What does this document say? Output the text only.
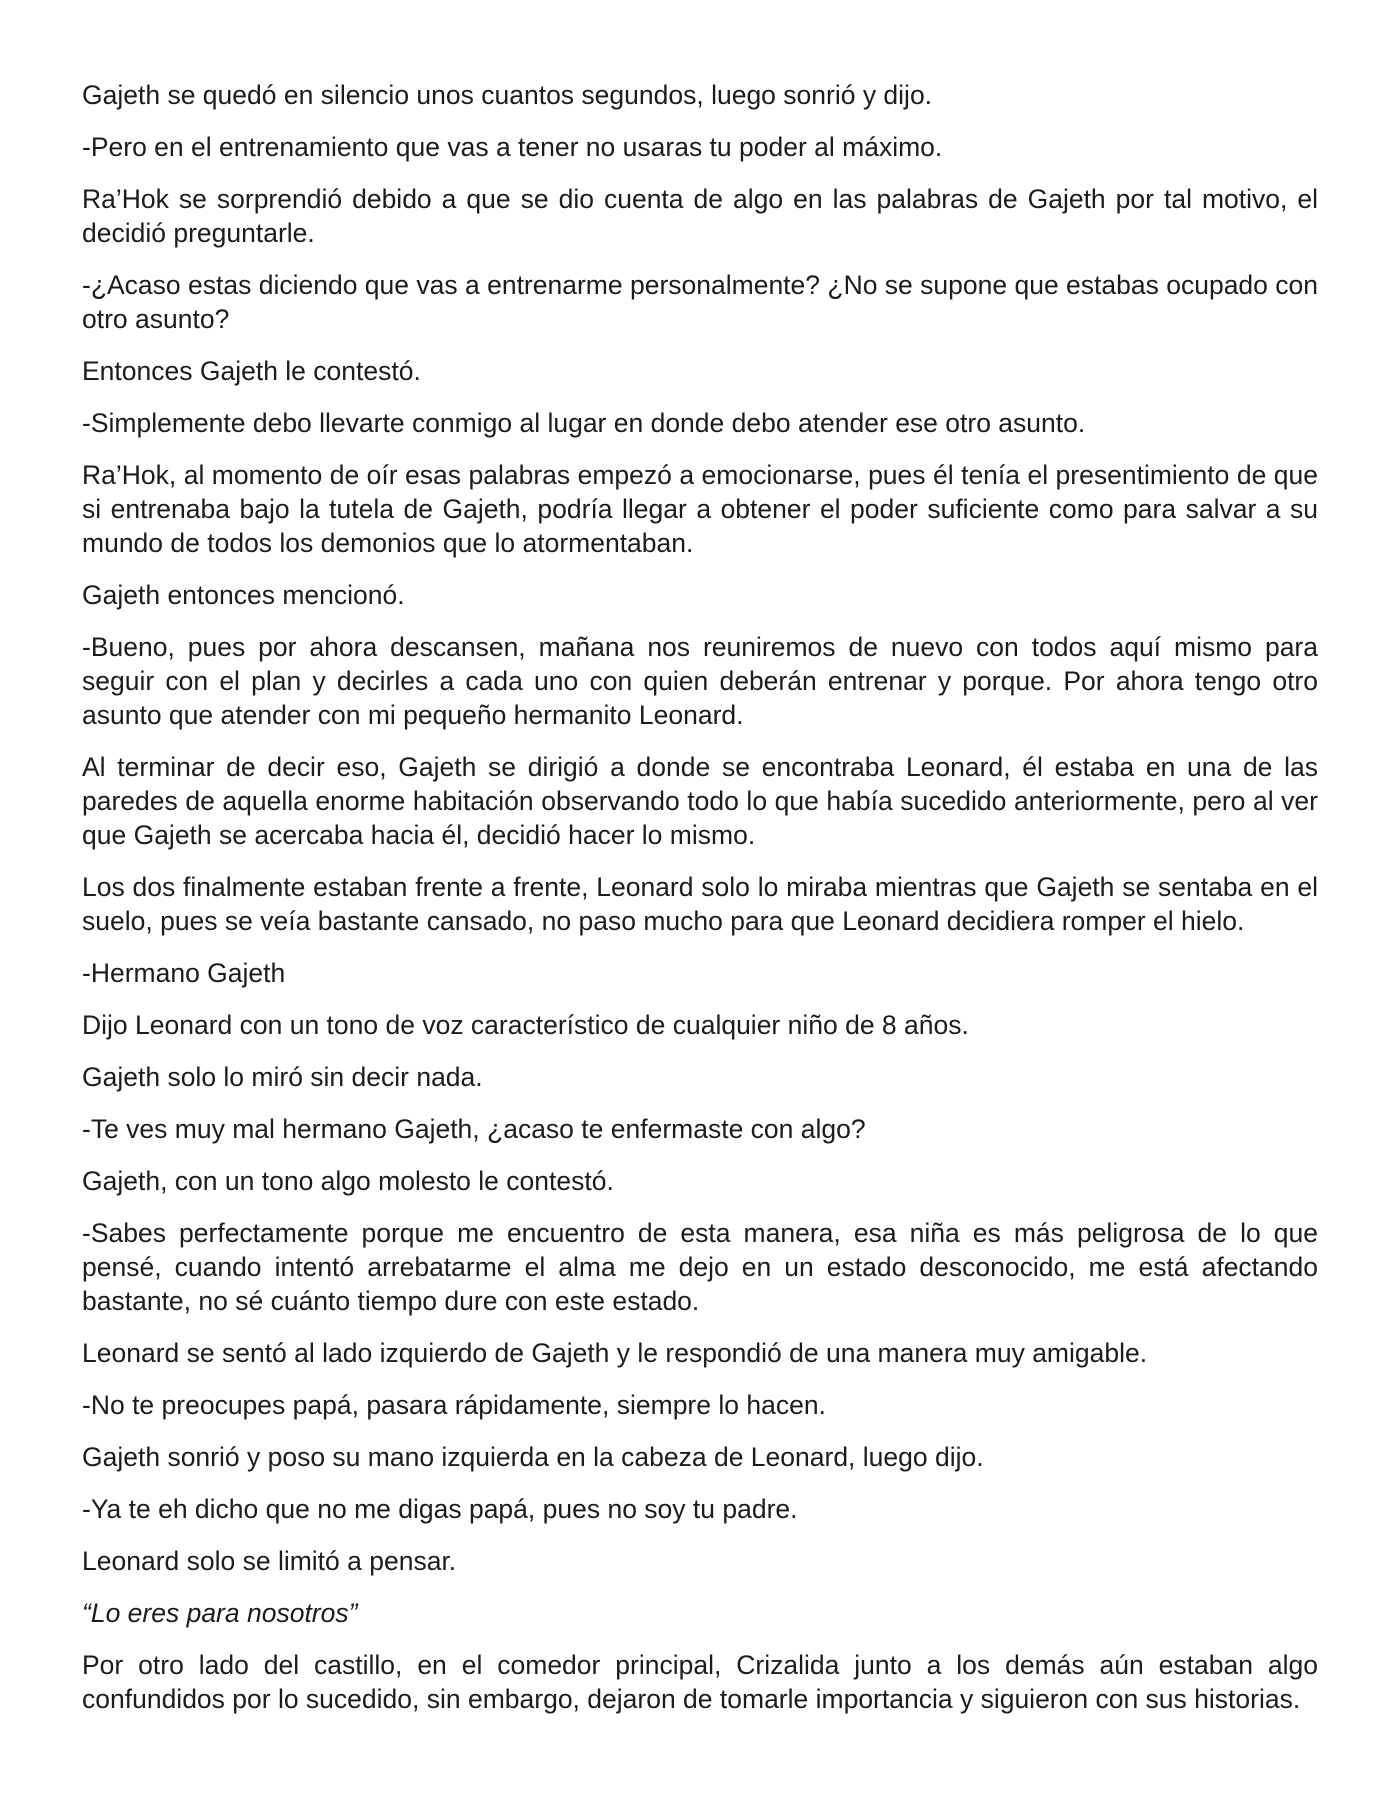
Gajeth se quedó en silencio unos cuantos segundos, luego sonrió y dijo.

-Pero en el entrenamiento que vas a tener no usaras tu poder al máximo.

Ra’Hok se sorprendió debido a que se dio cuenta de algo en las palabras de Gajeth por tal motivo, el decidió preguntarle.

-¿Acaso estas diciendo que vas a entrenarme personalmente? ¿No se supone que estabas ocupado con otro asunto?

Entonces Gajeth le contestó.

-Simplemente debo llevarte conmigo al lugar en donde debo atender ese otro asunto.

Ra’Hok, al momento de oír esas palabras empezó a emocionarse, pues él tenía el presentimiento de que si entrenaba bajo la tutela de Gajeth, podría llegar a obtener el poder suficiente como para salvar a su mundo de todos los demonios que lo atormentaban.

Gajeth entonces mencionó.

-Bueno, pues por ahora descansen, mañana nos reuniremos de nuevo con todos aquí mismo para seguir con el plan y decirles a cada uno con quien deberán entrenar y porque. Por ahora tengo otro asunto que atender con mi pequeño hermanito Leonard.

Al terminar de decir eso, Gajeth se dirigió a donde se encontraba Leonard, él estaba en una de las paredes de aquella enorme habitación observando todo lo que había sucedido anteriormente, pero al ver que Gajeth se acercaba hacia él, decidió hacer lo mismo.

Los dos finalmente estaban frente a frente, Leonard solo lo miraba mientras que Gajeth se sentaba en el suelo, pues se veía bastante cansado, no paso mucho para que Leonard decidiera romper el hielo.

-Hermano Gajeth

Dijo Leonard con un tono de voz característico de cualquier niño de 8 años.

Gajeth solo lo miró sin decir nada.

-Te ves muy mal hermano Gajeth, ¿acaso te enfermaste con algo?

Gajeth, con un tono algo molesto le contestó.

-Sabes perfectamente porque me encuentro de esta manera, esa niña es más peligrosa de lo que pensé, cuando intentó arrebatarme el alma me dejo en un estado desconocido, me está afectando bastante, no sé cuánto tiempo dure con este estado.

Leonard se sentó al lado izquierdo de Gajeth y le respondió de una manera muy amigable.

-No te preocupes papá, pasara rápidamente, siempre lo hacen.

Gajeth sonrió y poso su mano izquierda en la cabeza de Leonard, luego dijo.

-Ya te eh dicho que no me digas papá, pues no soy tu padre.

Leonard solo se limitó a pensar.

“Lo eres para nosotros”

Por otro lado del castillo, en el comedor principal, Crizalida junto a los demás aún estaban algo confundidos por lo sucedido, sin embargo, dejaron de tomarle importancia y siguieron con sus historias.
